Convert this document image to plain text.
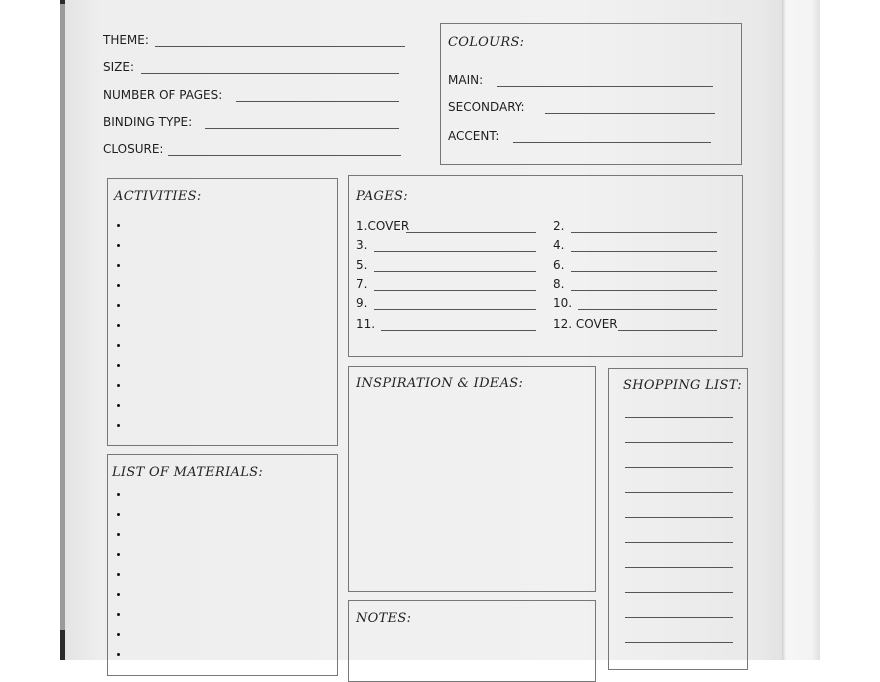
THEME:
SIZE:
NUMBER OF PAGES:
BINDING TYPE:
CLOSURE:
COLOURS:
MAIN:
SECONDARY:
ACCENT:
ACTIVITIES:	PAGES:
1.COVER
3.
5.
7.
9.
11.
2.
4.
6.
8.
10.
12. COVER
INSPIRATION & IDEAS:	SHOPPING LIST:
LIST OF MATERIALS:
NOTES:
